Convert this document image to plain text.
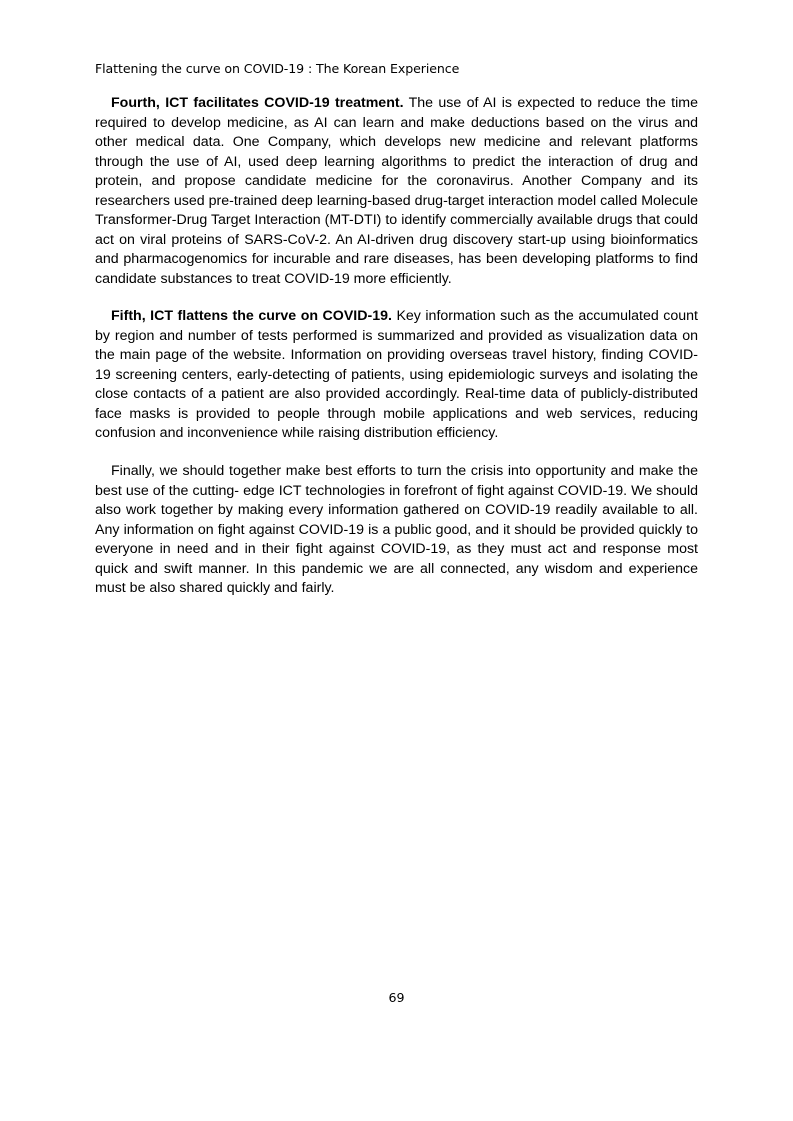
Flattening the curve on COVID-19 : The Korean Experience

Fourth, ICT facilitates COVID-19 treatment. The use of AI is expected to reduce the time required to develop medicine, as AI can learn and make deductions based on the virus and other medical data. One Company, which develops new medicine and relevant platforms through the use of AI, used deep learning algorithms to predict the interaction of drug and protein, and propose candidate medicine for the coronavirus. Another Company and its researchers used pre-trained deep learning-based drug-target interaction model called Molecule Transformer-Drug Target Interaction (MT-DTI) to identify commercially available drugs that could act on viral proteins of SARS-CoV-2. An AI-driven drug discovery start-up using bioinformatics and pharmacogenomics for incurable and rare diseases, has been developing platforms to find candidate substances to treat COVID-19 more efficiently.

Fifth, ICT flattens the curve on COVID-19. Key information such as the accumulated count by region and number of tests performed is summarized and provided as visualization data on the main page of the website. Information on providing overseas travel history, finding COVID-19 screening centers, early-detecting of patients, using epidemiologic surveys and isolating the close contacts of a patient are also provided accordingly. Real-time data of publicly-distributed face masks is provided to people through mobile applications and web services, reducing confusion and inconvenience while raising distribution efficiency.

Finally, we should together make best efforts to turn the crisis into opportunity and make the best use of the cutting- edge ICT technologies in forefront of fight against COVID-19. We should also work together by making every information gathered on COVID-19 readily available to all. Any information on fight against COVID-19 is a public good, and it should be provided quickly to everyone in need and in their fight against COVID-19, as they must act and response most quick and swift manner. In this pandemic we are all connected, any wisdom and experience must be also shared quickly and fairly.

69
